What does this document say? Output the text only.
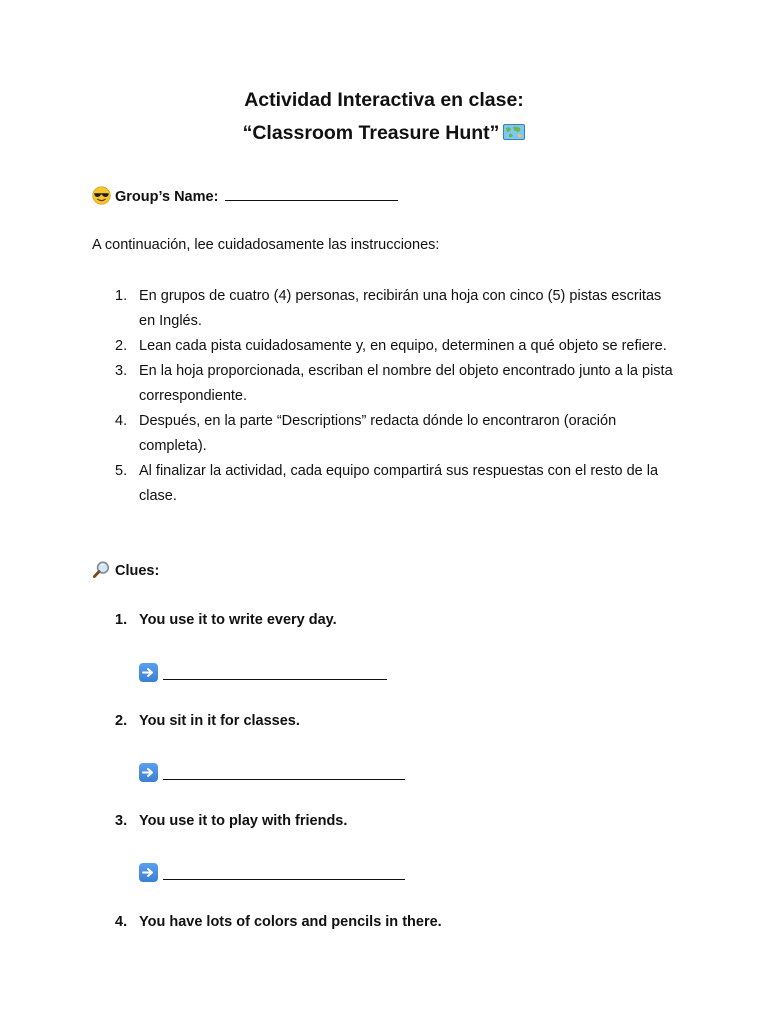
Actividad Interactiva en clase:
“Classroom Treasure Hunt”
Group’s Name:
A continuación, lee cuidadosamente las instrucciones:
1. En grupos de cuatro (4) personas, recibirán una hoja con cinco (5) pistas escritas en Inglés.
2. Lean cada pista cuidadosamente y, en equipo, determinen a qué objeto se refiere.
3. En la hoja proporcionada, escriban el nombre del objeto encontrado junto a la pista correspondiente.
4. Después, en la parte “Descriptions” redacta dónde lo encontraron (oración completa).
5. Al finalizar la actividad, cada equipo compartirá sus respuestas con el resto de la clase.
Clues:
1. You use it to write every day.
2. You sit in it for classes.
3. You use it to play with friends.
4. You have lots of colors and pencils in there.
